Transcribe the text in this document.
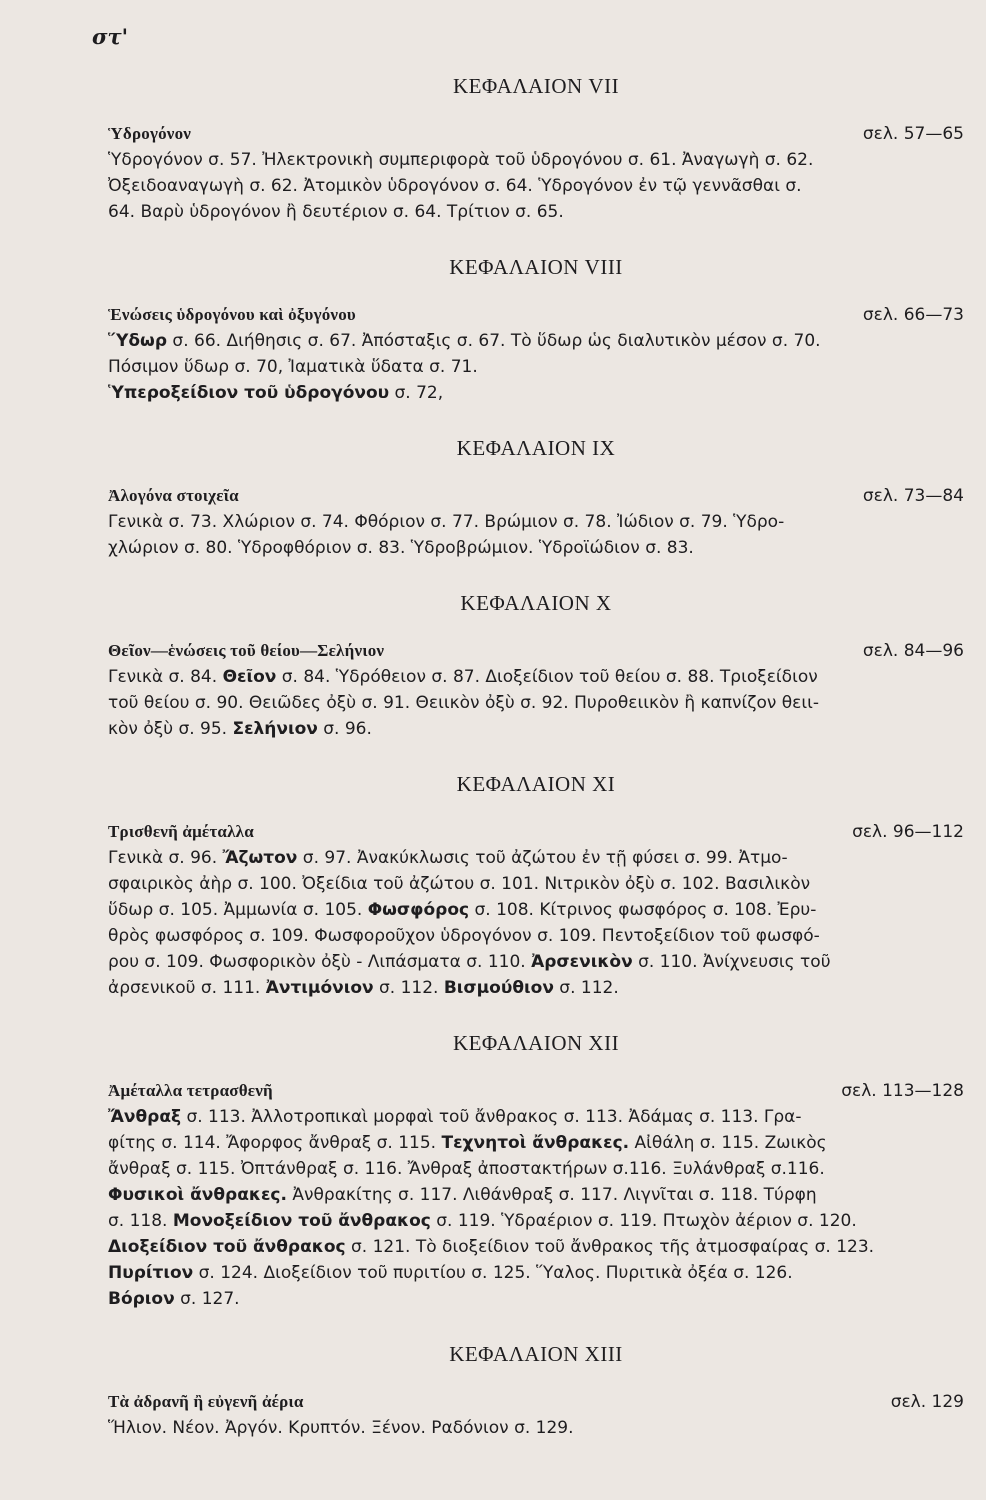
στ'
ΚΕΦΑΛΑΙΟΝ VII
Ὑδρογόνον	σελ. 57—65
Ὑδρογόνον σ. 57. Ἠλεκτρονικὴ συμπεριφορὰ τοῦ ὑδρογόνου σ. 61. Ἀναγωγὴ σ. 62.
Ὀξειδοαναγωγὴ σ. 62. Ἀτομικὸν ὑδρογόνον σ. 64. Ὑδρογόνον ἐν τῷ γεννᾶσθαι σ.
64. Βαρὺ ὑδρογόνον ἢ δευτέριον σ. 64. Τρίτιον σ. 65.
ΚΕΦΑΛΑΙΟΝ VIII
Ἑνώσεις ὑδρογόνου καὶ ὀξυγόνου	σελ. 66—73
Ὕδωρ σ. 66. Διήθησις σ. 67. Ἀπόσταξις σ. 67. Τὸ ὕδωρ ὡς διαλυτικὸν μέσον σ. 70.
Πόσιμον ὕδωρ σ. 70, Ἰαματικὰ ὕδατα σ. 71.
Ὑπεροξείδιον τοῦ ὑδρογόνου σ. 72,
ΚΕΦΑΛΑΙΟΝ IX
Ἀλογόνα στοιχεῖα	σελ. 73—84
Γενικὰ σ. 73. Χλώριον σ. 74. Φθόριον σ. 77. Βρώμιον σ. 78. Ἰώδιον σ. 79. Ὑδρο-
χλώριον σ. 80. Ὑδροφθόριον σ. 83. Ὑδροβρώμιον. Ὑδροϊώδιον σ. 83.
ΚΕΦΑΛΑΙΟΝ X
Θεῖον—ἑνώσεις τοῦ θείου—Σελήνιον	σελ. 84—96
Γενικὰ σ. 84. Θεῖον σ. 84. Ὑδρόθειον σ. 87. Διοξείδιον τοῦ θείου σ. 88. Τριοξείδιον
τοῦ θείου σ. 90. Θειῶδες ὀξὺ σ. 91. Θειικὸν ὀξὺ σ. 92. Πυροθειικὸν ἢ καπνίζον θειι-
κὸν ὀξὺ σ. 95. Σελήνιον σ. 96.
ΚΕΦΑΛΑΙΟΝ XI
Τρισθενῆ ἀμέταλλα	σελ. 96—112
Γενικὰ σ. 96. Ἄζωτον σ. 97. Ἀνακύκλωσις τοῦ ἀζώτου ἐν τῇ φύσει σ. 99. Ἀτμο-
σφαιρικὸς ἀὴρ σ. 100. Ὀξείδια τοῦ ἀζώτου σ. 101. Νιτρικὸν ὀξὺ σ. 102. Βασιλικὸν
ὕδωρ σ. 105. Ἀμμωνία σ. 105. Φωσφόρος σ. 108. Κίτρινος φωσφόρος σ. 108. Ἐρυ-
θρὸς φωσφόρος σ. 109. Φωσφοροῦχον ὑδρογόνον σ. 109. Πεντοξείδιον τοῦ φωσφό-
ρου σ. 109. Φωσφορικὸν ὀξὺ - Λιπάσματα σ. 110. Ἀρσενικὸν σ. 110. Ἀνίχνευσις τοῦ
ἀρσενικοῦ σ. 111. Ἀντιμόνιον σ. 112. Βισμούθιον σ. 112.
ΚΕΦΑΛΑΙΟΝ XII
Ἀμέταλλα τετρασθενῆ	σελ. 113—128
Ἄνθραξ σ. 113. Ἀλλοτροπικαὶ μορφαὶ τοῦ ἄνθρακος σ. 113. Ἀδάμας σ. 113. Γρα-
φίτης σ. 114. Ἄφορφος ἄνθραξ σ. 115. Τεχνητοὶ ἄνθρακες. Αἰθάλη σ. 115. Ζωικὸς
ἄνθραξ σ. 115. Ὀπτάνθραξ σ. 116. Ἄνθραξ ἀποστακτήρων σ.116. Ξυλάνθραξ σ.116.
Φυσικοὶ ἄνθρακες. Ἀνθρακίτης σ. 117. Λιθάνθραξ σ. 117. Λιγνῖται σ. 118. Τύρφη
σ. 118. Μονοξείδιον τοῦ ἄνθρακος σ. 119. Ὑδραέριον σ. 119. Πτωχὸν ἀέριον σ. 120.
Διοξείδιον τοῦ ἄνθρακος σ. 121. Τὸ διοξείδιον τοῦ ἄνθρακος τῆς ἀτμοσφαίρας σ. 123.
Πυρίτιον σ. 124. Διοξείδιον τοῦ πυριτίου σ. 125. Ὕαλος. Πυριτικὰ ὀξέα σ. 126.
Βόριον σ. 127.
ΚΕΦΑΛΑΙΟΝ XIII
Τὰ ἀδρανῆ ἢ εὐγενῆ ἀέρια	σελ. 129
Ἥλιον. Νέον. Ἀργόν. Κρυπτόν. Ξένον. Ραδόνιον σ. 129.
